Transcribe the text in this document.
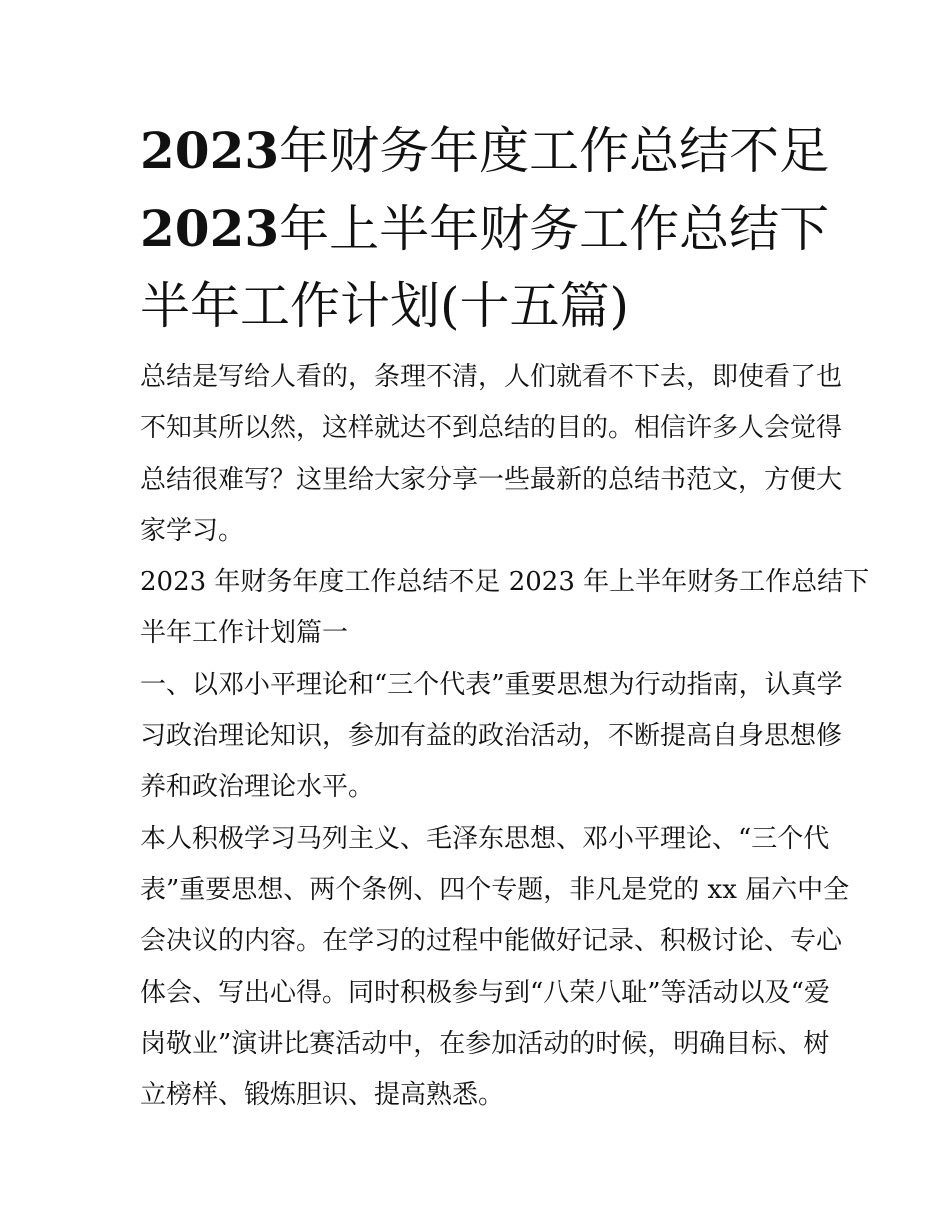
2023年财务年度工作总结不足
2023年上半年财务工作总结下
半年工作计划(十五篇)

总结是写给人看的，条理不清，人们就看不下去，即使看了也
不知其所以然，这样就达不到总结的目的。相信许多人会觉得
总结很难写？这里给大家分享一些最新的总结书范文，方便大
家学习。

2023 年财务年度工作总结不足 2023 年上半年财务工作总结下
半年工作计划篇一

一、以邓小平理论和“三个代表”重要思想为行动指南，认真学
习政治理论知识，参加有益的政治活动，不断提高自身思想修
养和政治理论水平。

本人积极学习马列主义、毛泽东思想、邓小平理论、“三个代
表”重要思想、两个条例、四个专题，非凡是党的 xx 届六中全
会决议的内容。在学习的过程中能做好记录、积极讨论、专心
体会、写出心得。同时积极参与到“八荣八耻”等活动以及“爱
岗敬业”演讲比赛活动中，在参加活动的时候，明确目标、树
立榜样、锻炼胆识、提高熟悉。
